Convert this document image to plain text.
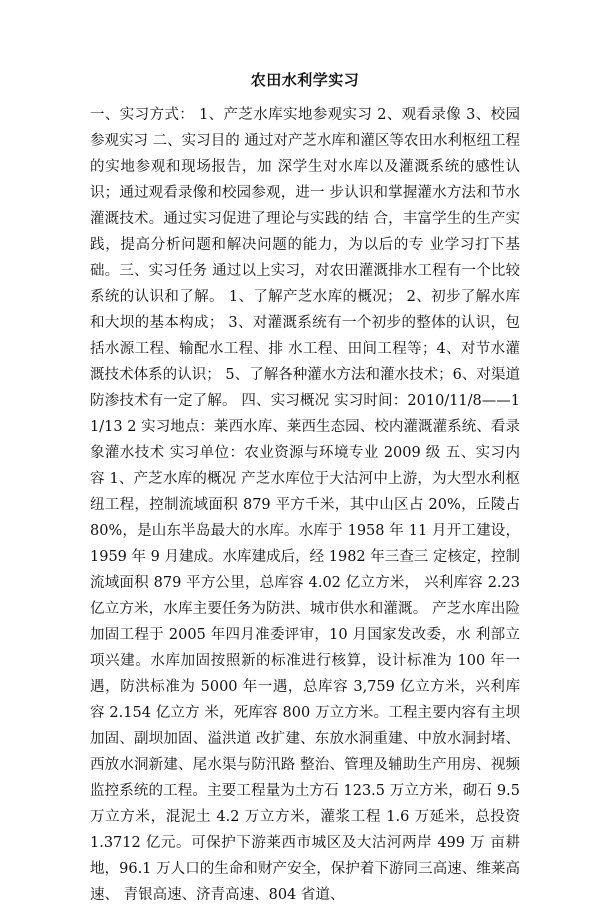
农田水利学实习

一、实习方式： 1、产芝水库实地参观实习 2、观看录像 3、校园参观实习 二、实习目的 通过对产芝水库和灌区等农田水利枢纽工程的实地参观和现场报告，加 深学生对水库以及灌溉系统的感性认识；通过观看录像和校园参观，进一 步认识和掌握灌水方法和节水灌溉技术。通过实习促进了理论与实践的结 合，丰富学生的生产实践，提高分析问题和解决问题的能力，为以后的专 业学习打下基础。三、实习任务 通过以上实习，对农田灌溉排水工程有一个比较系统的认识和了解。 1、了解产芝水库的概况； 2、初步了解水库和大坝的基本构成； 3、对灌溉系统有一个初步的整体的认识，包括水源工程、输配水工程、排 水工程、田间工程等；4、对节水灌溉技术体系的认识； 5、了解各种灌水方法和灌水技术；6、对渠道防渗技术有一定了解。 四、实习概况 实习时间：2010/11/8——11/13 2 实习地点：莱西水库、莱西生态园、校内灌溉灌系统、看录象灌水技术 实习单位：农业资源与环境专业 2009 级 五、实习内容 1、产芝水库的概况 产芝水库位于大沽河中上游，为大型水利枢纽工程，控制流域面积 879 平方千米，其中山区占 20%，丘陵占 80%，是山东半岛最大的水库。水库于 1958 年 11 月开工建设，1959 年 9 月建成。水库建成后，经 1982 年三查三 定核定，控制流域面积 879 平方公里，总库容 4.02 亿立方米， 兴利库容 2.23 亿立方米，水库主要任务为防洪、城市供水和灌溉。 产芝水库出险加固工程于 2005 年四月准委评审，10 月国家发改委，水 利部立项兴建。水库加固按照新的标准进行核算，设计标准为 100 年一遇，防洪标准为 5000 年一遇，总库容 3,759 亿立方米，兴利库容 2.154 亿立方 米，死库容 800 万立方米。工程主要内容有主坝加固、副坝加固、溢洪道 改扩建、东放水洞重建、中放水洞封堵、西放水洞新建、尾水渠与防汛路 整治、管理及辅助生产用房、视频监控系统的工程。主要工程量为土方石 123.5 万立方米，砌石 9.5 万立方米，混泥土 4.2 万立方米，灌浆工程 1.6 万延米，总投资 1.3712 亿元。可保护下游莱西市城区及大沽河两岸 499 万 亩耕地，96.1 万人口的生命和财产安全，保护着下游同三高速、维莱高速、 青银高速、济青高速、804 省道、
